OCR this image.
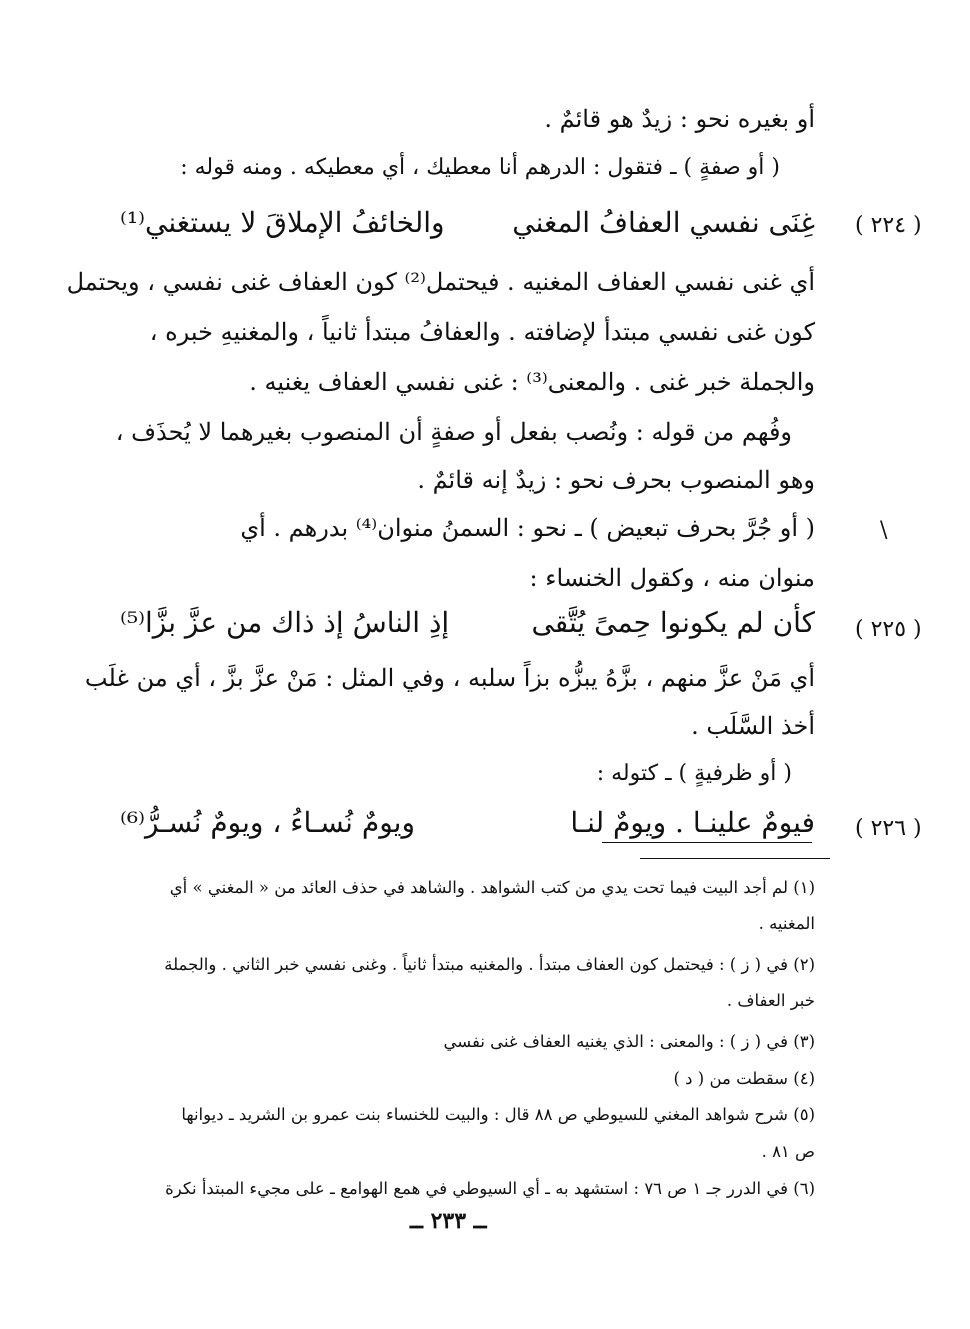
أو بغيره نحو : زيدٌ هو قائمٌ .
( أو صفةٍ ) ـ فتقول : الدرهم أنا معطيك ، أي معطيكه . ومنه قوله :
( ٢٢٤ )
غِنَى نفسي العفافُ المغني
والخائفُ الإملاقَ لا يستغني⁽¹⁾
أي غنى نفسي العفاف المغنيه . فيحتمل⁽²⁾ كون العفاف غنى نفسي ، ويحتمل
كون غنى نفسي مبتدأ لإضافته . والعفافُ مبتدأ ثانياً ، والمغنيهِ خبره ،
والجملة خبر غنى . والمعنى⁽³⁾ : غنى نفسي العفاف يغنيه .
وفُهم من قوله : ونُصب بفعل أو صفةٍ أن المنصوب بغيرهما لا يُحذَف ،
وهو المنصوب بحرف نحو : زيدٌ إنه قائمٌ .
\
( أو جُرَّ بحرف تبعيض ) ـ نحو : السمنُ منوان⁽⁴⁾ بدرهم . أي
منوان منه ، وكقول الخنساء :
( ٢٢٥ )
كأن لم يكونوا حِمىً يُتَّقى
إذِ الناسُ إذ ذاك من عزَّ بزَّا⁽⁵⁾
أي مَنْ عزَّ منهم ، بزَّهُ يبزُّه بزاً سلبه ، وفي المثل : مَنْ عزَّ بزَّ ، أي من غلَب
أخذ السَّلَب .
( أو ظرفيةٍ ) ـ كتوله :
( ٢٢٦ )
فيومٌ علينـا . ويومٌ لنـا
ويومٌ نُسـاءُ ، ويومٌ نُسـرُّ⁽⁶⁾
(١) لم أجد البيت فيما تحت يدي من كتب الشواهد . والشاهد في حذف العائد من « المغني » أي
المغنيه .
(٢) في ( ز ) : فيحتمل كون العفاف مبتدأ . والمغنيه مبتدأ ثانياً . وغنى نفسي خبر الثاني . والجملة
خبر العفاف .
(٣) في ( ز ) : والمعنى : الذي يغنيه العفاف غنى نفسي
(٤) سقطت من ( د )
(٥) شرح شواهد المغني للسيوطي ص ٨٨ قال : والبيت للخنساء بنت عمرو بن الشريد ـ ديوانها
ص ٨١ .
(٦) في الدرر جـ ١ ص ٧٦ : استشهد به ـ أي السيوطي في همع الهوامع ـ على مجيء المبتدأ نكرة
ــ ٢٣٣ ــ
